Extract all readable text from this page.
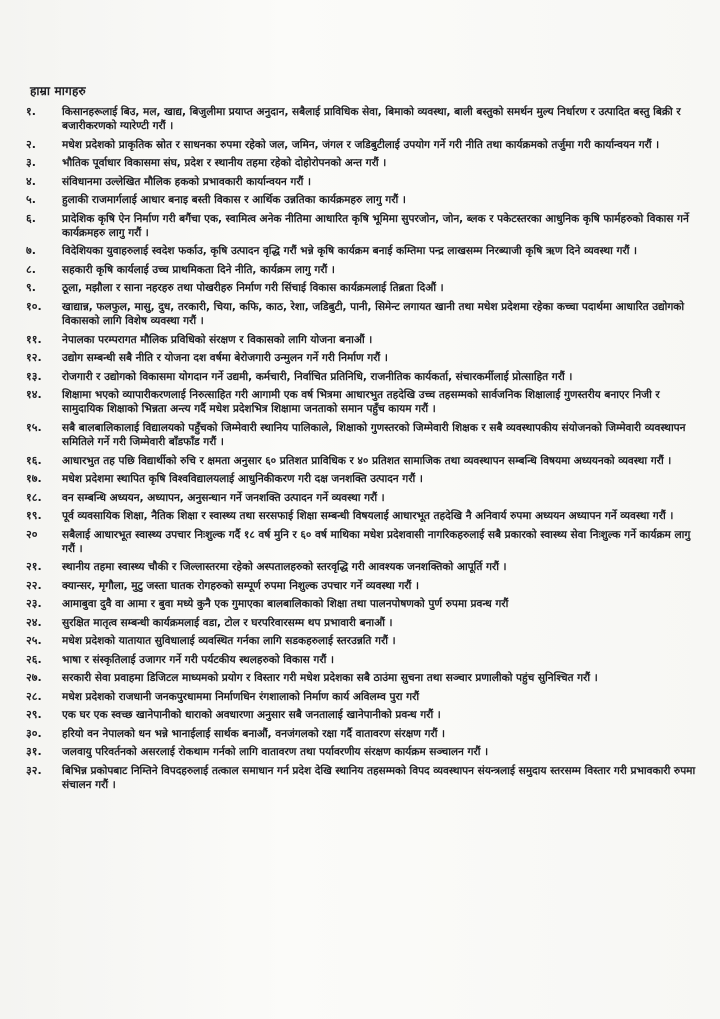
हाम्रा मागहरु
१.	किसानहरूलाई बिउ, मल, खाद्य, बिजुलीमा प्रयाप्त अनुदान, सबैलाई प्राविधिक सेवा, बिमाको व्यवस्था, बाली बस्तुको समर्थन मुल्य निर्धारण र उत्पादित बस्तु बिक्री र बजारीकरणको ग्यारेण्टी गरौं ।
२.	मधेश प्रदेशको प्राकृतिक स्रोत र साधनका रुपमा रहेको जल, जमिन, जंगल र जडिबुटीलाई उपयोग गर्ने गरी नीति तथा कार्यक्रमको तर्जुमा गरी कार्यान्वयन गरौं ।
३.	भौतिक पूर्वाधार विकासमा संघ, प्रदेश र स्थानीय तहमा रहेको दोहोरोपनको अन्त गरौं ।
४.	संविधानमा उल्लेखित मौलिक हकको प्रभावकारी कार्यान्वयन गरौं ।
५.	हुलाकी राजमार्गलाई आधार बनाइ बस्ती विकास र आर्थिक उन्नतिका कार्यक्रमहरु लागु गरौं ।
६.	प्रादेशिक कृषि ऐन निर्माण गरी बगैंचा एक, स्वामित्व अनेक नीतिमा आधारित कृषि भूमिमा सुपरजोन, जोन, ब्लक र पकेटस्तरका आधुनिक कृषि फार्महरुको विकास गर्ने कार्यक्रमहरु लागु गरौं ।
७.	विदेशियका युवाहरुलाई स्वदेश फर्काउ, कृषि उत्पादन वृद्धि गरौं भन्ने कृषि कार्यक्रम बनाई कम्तिमा पन्द्र लाखसम्म निरब्याजी कृषि ऋण दिने व्यवस्था गरौं ।
८.	सहकारी कृषि कार्यलाई उच्च प्राथमिकता दिने नीति, कार्यक्रम लागु गरौं ।
९.	ठूला, मझौला र साना नहरहरु तथा पोखरीहरु निर्माण गरी सिंचाई विकास कार्यक्रमलाई तिब्रता दिऔं ।
१०.	खाद्यान्न, फलफुल, मासु, दुध, तरकारी, चिया, कफि, काठ, रेशा, जडिबुटी, पानी, सिमेन्ट लगायत खानी तथा मधेश प्रदेशमा रहेका कच्चा पदार्थमा आधारित उद्योगको विकासको लागि विशेष व्यवस्था गरौं ।
११.	नेपालका परम्परागत मौलिक प्रविधिको संरक्षण र विकासको लागि योजना बनाऔं ।
१२.	उद्योग सम्बन्धी सबै नीति र योजना दश वर्षमा बेरोजगारी उन्मुलन गर्ने गरी निर्माण गरौं ।
१३.	रोजगारी र उद्योगको विकासमा योगदान गर्ने उद्यमी, कर्मचारी, निर्वाचित प्रतिनिधि, राजनीतिक कार्यकर्ता, संचारकर्मीलाई प्रोत्साहित गरौं ।
१४.	शिक्षामा भएको व्यापारीकरणलाई निरुत्साहित गरी आगामी एक वर्ष भित्रमा आधारभुत तहदेखि उच्च तहसम्मको सार्वजनिक शिक्षालाई गुणस्तरीय बनाएर निजी र सामुदायिक शिक्षाको भिन्नता अन्त्य गर्दै मधेश प्रदेशभित्र शिक्षामा जनताको समान पहुँच कायम गरौं ।
१५.	सबै बालबालिकालाई विद्यालयको पहुँचको जिम्मेवारी स्थानिय पालिकाले, शिक्षाको गुणस्तरको जिम्मेवारी शिक्षक र सबै व्यवस्थापकीय संयोजनको जिम्मेवारी व्यवस्थापन समितिले गर्ने गरी जिम्मेवारी बाँडफाँड गरौं ।
१६.	आधारभुत तह पछि विद्यार्थीको रुचि र क्षमता अनुसार ६० प्रतिशत प्राविधिक र ४० प्रतिशत सामाजिक तथा व्यवस्थापन सम्बन्धि विषयमा अध्ययनको व्यवस्था गरौं ।
१७.	मधेश प्रदेशमा स्थापित कृषि विश्वविद्यालयलाई आधुनिकीकरण गरी दक्ष जनशक्ति उत्पादन गरौं ।
१८.	वन सम्बन्धि अध्ययन, अध्यापन, अनुसन्धान गर्ने जनशक्ति उत्पादन गर्ने व्यवस्था गरौं ।
१९.	पूर्व व्यवसायिक शिक्षा, नैतिक शिक्षा र स्वास्थ्य तथा सरसफाई शिक्षा सम्बन्धी विषयलाई आधारभूत तहदेखि नै अनिवार्य रुपमा अध्ययन अध्यापन गर्ने व्यवस्था गरौं ।
२०	सबैलाई आधारभूत स्वास्थ्य उपचार निःशुल्क गर्दै १८ वर्ष मुनि र ६० वर्ष माथिका मधेश प्रदेशवासी नागरिकहरुलाई सबै प्रकारको स्वास्थ्य सेवा निःशुल्क गर्ने कार्यक्रम लागु गरौं ।
२१.	स्थानीय तहमा स्वास्थ्य चौकी र जिल्लास्तरमा रहेको अस्पतालहरुको स्तरवृद्धि गरी आवश्यक जनशक्तिको आपूर्ति गरौं ।
२२.	क्यान्सर, मृगौला, मुटु जस्ता घातक रोगहरुको सम्पूर्ण रुपमा निशुल्क उपचार गर्ने व्यवस्था गरौं ।
२३.	आमाबुवा दुवै वा आमा र बुवा मध्ये कुनै एक गुमाएका बालबालिकाको शिक्षा तथा पालनपोषणको पुर्ण रुपमा प्रवन्ध गरौं
२४.	सुरक्षित मातृत्व सम्बन्धी कार्यक्रमलाई वडा, टोल र घरपरिवारसम्म थप प्रभावारी बनाऔं ।
२५.	मधेश प्रदेशको यातायात सुविधालाई व्यवस्थित गर्नका लागि सडकहरुलाई स्तरउन्नति गरौं ।
२६.	भाषा र संस्कृतिलाई उजागर गर्ने गरी पर्यटकीय स्थलहरुको विकास गरौं ।
२७.	सरकारी सेवा प्रवाहमा डिजिटल माध्यमको प्रयोग र विस्तार गरी मधेश प्रदेशका सबै ठाउंमा सुचना तथा सञ्चार प्रणालीको पहुंच सुनिश्चित गरौं ।
२८.	मधेश प्रदेशको राजधानी जनकपुरधाममा निर्माणधिन रंगशालाको निर्माण कार्य अविलम्व पुरा गरौं
२९.	एक घर एक स्वच्छ खानेपानीको धाराको अवधारणा अनुसार सबै जनतालाई खानेपानीको प्रवन्ध गरौं ।
३०.	हरियो वन नेपालको धन भन्ने भानाईलाई सार्थक बनाऔं, वनजंगलको रक्षा गर्दै वातावरण संरक्षण गरौं ।
३१.	जलवायु परिवर्तनको असरलाई रोकथाम गर्नको लागि वातावरण तथा पर्यावरणीय संरक्षण कार्यक्रम सञ्चालन गरौं ।
३२.	बिभिन्न प्रकोपबाट निम्तिने विपदहरुलाई तत्काल समाधान गर्न प्रदेश देखि स्थानिय तहसम्मको विपद व्यवस्थापन संयन्त्रलाई समुदाय स्तरसम्म विस्तार गरी प्रभावकारी रुपमा संचालन गरौं ।
